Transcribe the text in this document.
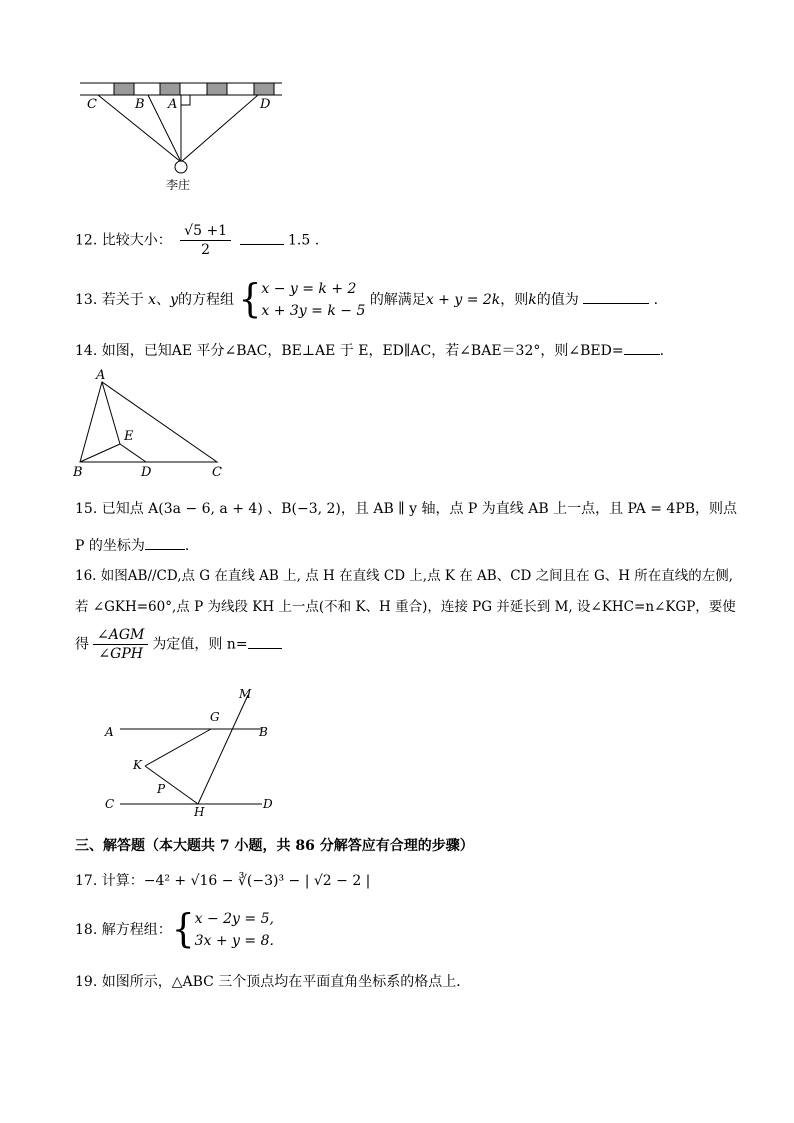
C	B A	D
李庄
12. 比较大小： $\frac{√5 +1}{2}$	1.5 .
13. 若关于 x、y的方程组 { x − y = k + 2
x + 3y = k − 5
的解满足x + y = 2k，则k的值为	.
14. 如图，已知AE 平分∠BAC，BE⊥AE 于 E，ED∥AC，若∠BAE＝32°，则∠BED=	.
A
E
B	D	C
15. 已知点 A(3a − 6, a + 4) 、B(−3, 2)，且 AB ∥ y 轴，点 P 为直线 AB 上一点，且 PA = 4PB，则点
P 的坐标为	.
16. 如图AB//CD,点 G 在直线 AB 上, 点 H 在直线 CD 上,点 K 在 AB、CD 之间且在 G、H 所在直线的左侧,
若 ∠GKH=60°,点 P 为线段 KH 上一点(不和 K、H 重合)，连接 PG 并延长到 M, 设∠KHC=n∠KGP，要使
得 $\frac{\text{∠AGM}}{\text{∠GPH}}$ 为定值，则 n=
M
G
A	B
K
P
C
H
D
三、解答题（本大题共 7 小题，共 86 分解答应有合理的步骤）
17. 计算：−4² + √16 − ∛(−3)³ − | √2 − 2 |
18. 解方程组：{ x − 2y = 5,
3x + y = 8.
19. 如图所示，△ABC 三个顶点均在平面直角坐标系的格点上．
